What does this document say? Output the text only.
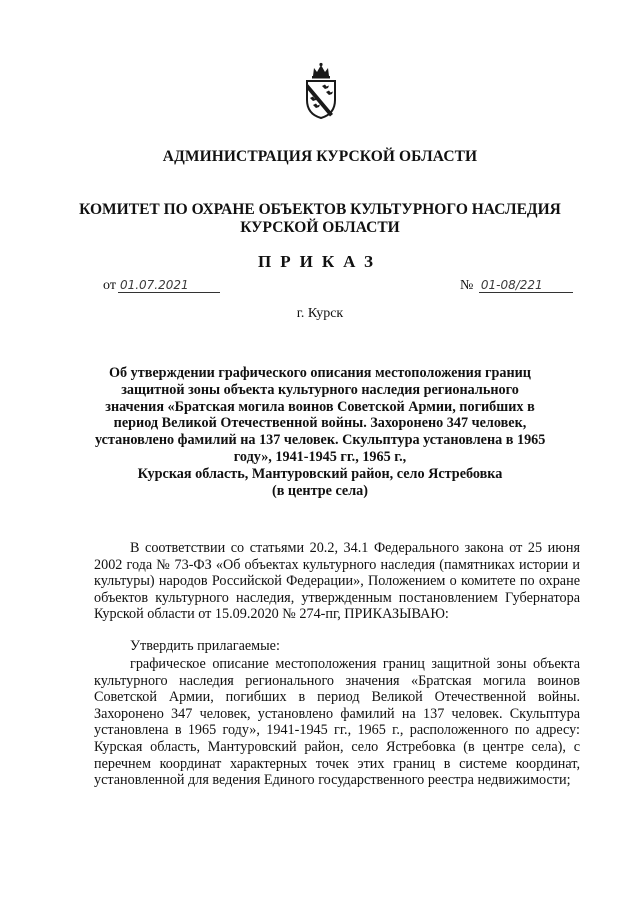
АДМИНИСТРАЦИЯ КУРСКОЙ ОБЛАСТИ
КОМИТЕТ ПО ОХРАНЕ ОБЪЕКТОВ КУЛЬТУРНОГО НАСЛЕДИЯ
КУРСКОЙ ОБЛАСТИ
ПРИКАЗ
от 01.07.2021	№ 01-08/221
г. Курск
Об утверждении графического описания местоположения границ
защитной зоны объекта культурного наследия регионального
значения «Братская могила воинов Советской Армии, погибших в
период Великой Отечественной войны. Захоронено 347 человек,
установлено фамилий на 137 человек. Скульптура установлена в 1965
году», 1941-1945 гг., 1965 г.,
Курская область, Мантуровский район, село Ястребовка
(в центре села)

В соответствии со статьями 20.2, 34.1 Федерального закона от 25 июня 2002 года № 73-ФЗ «Об объектах культурного наследия (памятниках истории и культуры) народов Российской Федерации», Положением о комитете по охране объектов культурного наследия, утвержденным постановлением Губернатора Курской области от 15.09.2020 № 274-пг, ПРИКАЗЫВАЮ:

Утвердить прилагаемые:

графическое описание местоположения границ защитной зоны объекта культурного наследия регионального значения «Братская могила воинов Советской Армии, погибших в период Великой Отечественной войны. Захоронено 347 человек, установлено фамилий на 137 человек. Скульптура установлена в 1965 году», 1941-1945 гг., 1965 г., расположенного по адресу: Курская область, Мантуровский район, село Ястребовка (в центре села), с перечнем координат характерных точек этих границ в системе координат, установленной для ведения Единого государственного реестра недвижимости;
